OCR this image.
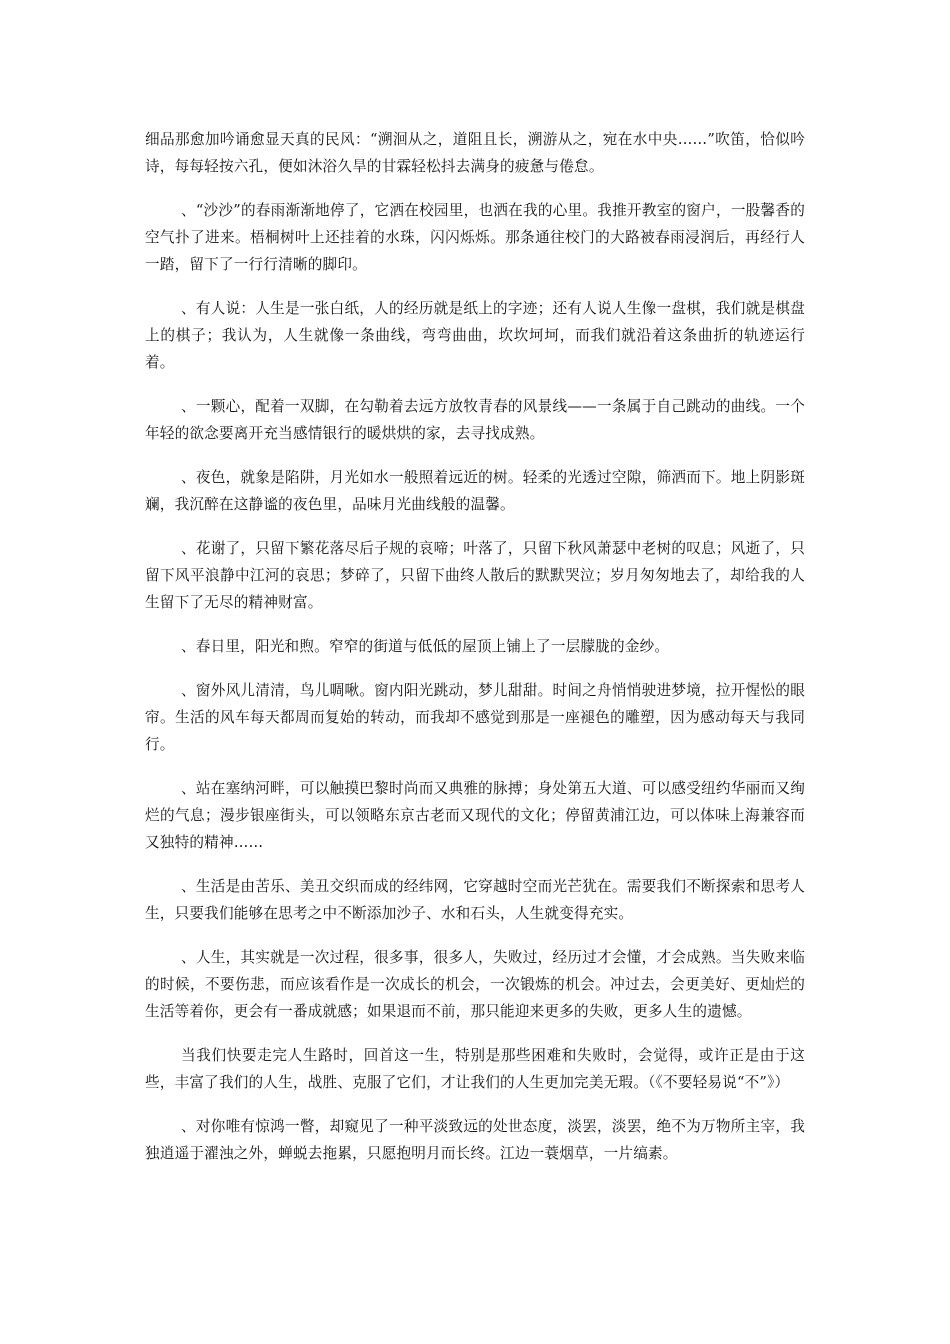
细品那愈加吟诵愈显天真的民风：“溯洄从之，道阻且长，溯游从之，宛在水中央……”吹笛，恰似吟诗，每每轻按六孔，便如沐浴久旱的甘霖轻松抖去满身的疲惫与倦怠。

、“沙沙”的春雨渐渐地停了，它洒在校园里，也洒在我的心里。我推开教室的窗户，一股馨香的空气扑了进来。梧桐树叶上还挂着的水珠，闪闪烁烁。那条通往校门的大路被春雨浸润后，再经行人一踏，留下了一行行清晰的脚印。

、有人说：人生是一张白纸，人的经历就是纸上的字迹；还有人说人生像一盘棋，我们就是棋盘上的棋子；我认为，人生就像一条曲线，弯弯曲曲，坎坎坷坷，而我们就沿着这条曲折的轨迹运行着。

、一颗心，配着一双脚，在勾勒着去远方放牧青春的风景线——一条属于自己跳动的曲线。一个年轻的欲念要离开充当感情银行的暖烘烘的家，去寻找成熟。

、夜色，就象是陷阱，月光如水一般照着远近的树。轻柔的光透过空隙，筛洒而下。地上阴影斑斓，我沉醉在这静谧的夜色里，品味月光曲线般的温馨。

、花谢了，只留下繁花落尽后子规的哀啼；叶落了，只留下秋风萧瑟中老树的叹息；风逝了，只留下风平浪静中江河的哀思；梦碎了，只留下曲终人散后的默默哭泣；岁月匆匆地去了，却给我的人生留下了无尽的精神财富。

、春日里，阳光和煦。窄窄的街道与低低的屋顶上铺上了一层朦胧的金纱。

、窗外风儿清清，鸟儿啁啾。窗内阳光跳动，梦儿甜甜。时间之舟悄悄驶进梦境，拉开惺忪的眼帘。生活的风车每天都周而复始的转动，而我却不感觉到那是一座褪色的雕塑，因为感动每天与我同行。

、站在塞纳河畔，可以触摸巴黎时尚而又典雅的脉搏；身处第五大道、可以感受纽约华丽而又绚烂的气息；漫步银座街头，可以领略东京古老而又现代的文化；停留黄浦江边，可以体味上海兼容而又独特的精神……

、生活是由苦乐、美丑交织而成的经纬网，它穿越时空而光芒犹在。需要我们不断探索和思考人生，只要我们能够在思考之中不断添加沙子、水和石头，人生就变得充实。

、人生，其实就是一次过程，很多事，很多人，失败过，经历过才会懂，才会成熟。当失败来临的时候，不要伤悲，而应该看作是一次成长的机会，一次锻炼的机会。冲过去，会更美好、更灿烂的生活等着你，更会有一番成就感；如果退而不前，那只能迎来更多的失败，更多人生的遗憾。

当我们快要走完人生路时，回首这一生，特别是那些困难和失败时，会觉得，或许正是由于这些，丰富了我们的人生，战胜、克服了它们，才让我们的人生更加完美无瑕。（《不要轻易说“不”》）

、对你唯有惊鸿一瞥，却窥见了一种平淡致远的处世态度，淡罢，淡罢，绝不为万物所主宰，我独逍遥于濯浊之外，蝉蜕去拖累，只愿抱明月而长终。江边一蓑烟草，一片缟素。
